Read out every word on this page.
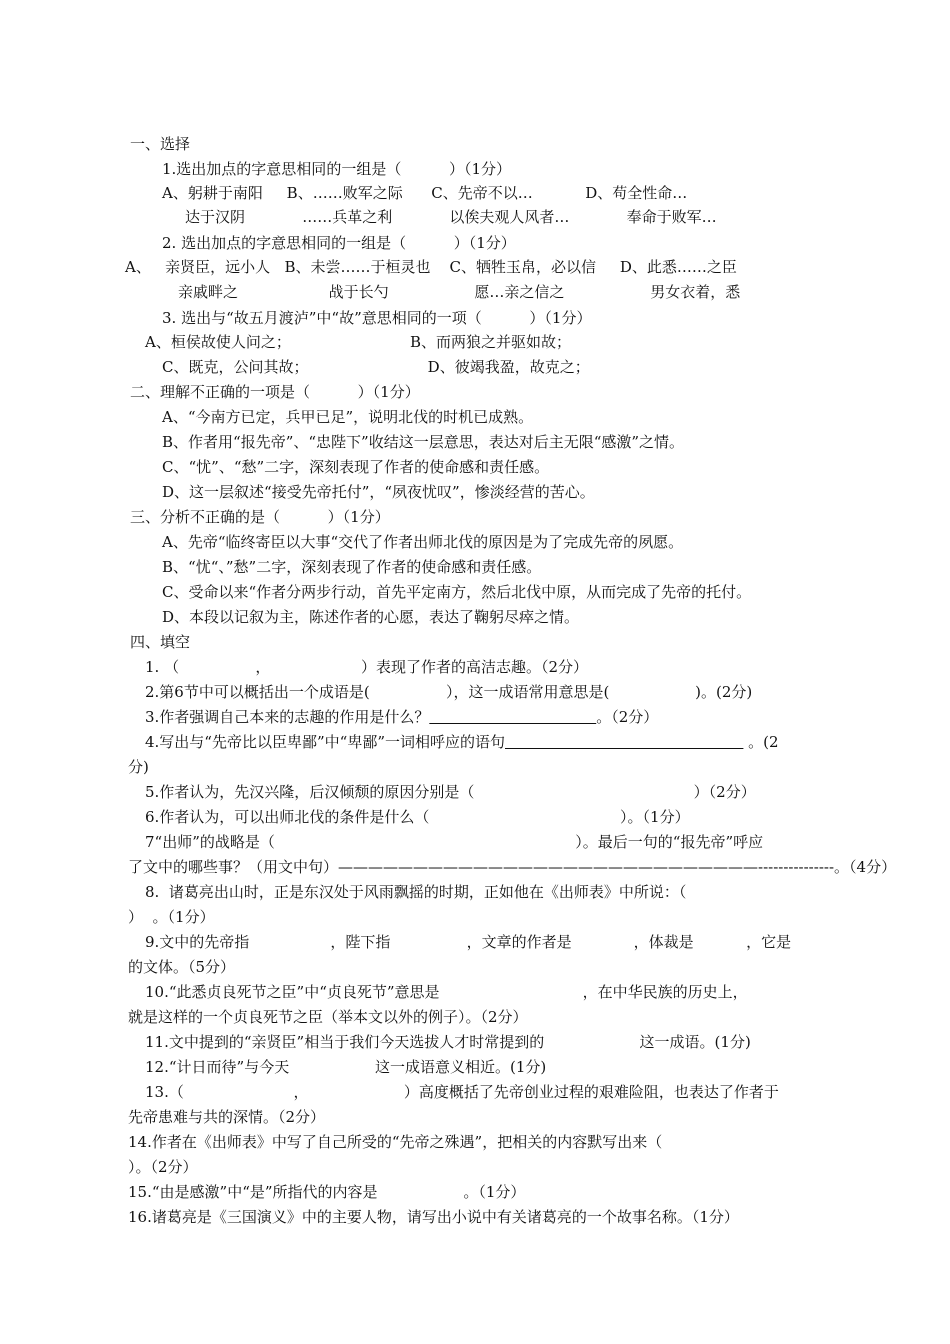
一、选择
1.选出加点的字意思相同的一组是（          ）（1分）
A、躬耕于南阳     B、……败军之际      C、先帝不以…           D、苟全性命…
达于汉阴            ……兵革之利            以俟夫观人风者…            奉命于败军…
2. 选出加点的字意思相同的一组是（          ）（1分）
A、   亲贤臣，远小人   B、未尝……于桓灵也    C、牺牲玉帛，必以信     D、此悉……之臣
亲戚畔之                   战于长勺                  愿…亲之信之                  男女衣着，悉
3. 选出与“故五月渡泸”中“故”意思相同的一项（          ）（1分）
A、桓侯故使人问之；                         B、而两狼之并驱如故；
C、既克，公问其故；                         D、彼竭我盈，故克之；
二、理解不正确的一项是（          ）（1分）
A、“今南方已定，兵甲已足”，说明北伐的时机已成熟。
B、作者用“报先帝”、“忠陛下”收结这一层意思，表达对后主无限“感激”之情。
C、“忧”、“愁”二字，深刻表现了作者的使命感和责任感。
D、这一层叙述“接受先帝托付”，“夙夜忧叹”，惨淡经营的苦心。
三、分析不正确的是（          ）（1分）
A、先帝“临终寄臣以大事“交代了作者出师北伐的原因是为了完成先帝的夙愿。
B、“忧“、”愁”二字，深刻表现了作者的使命感和责任感。
C、受命以来“作者分两步行动，首先平定南方，然后北伐中原，从而完成了先帝的托付。
D、本段以记叙为主，陈述作者的心愿，表达了鞠躬尽瘁之情。
四、填空
1. （                ，                   ）表现了作者的高洁志趣。（2分）
2.第6节中可以概括出一个成语是(                ），这一成语常用意思是(                  )。(2分)
3.作者强调自己本来的志趣的作用是什么？	。（2分）
4.写出与“先帝比以臣卑鄙”中“卑鄙”一词相呼应的语句	。(2
分)
5.作者认为，先汉兴隆，后汉倾颓的原因分别是（                                              ）（2分）
6.作者认为，可以出师北伐的条件是什么（                                        ）。（1分）
7“出师”的战略是（                                                               ）。最后一句的“报先帝”呼应
了文中的哪些事？（用文中句）————————————————————————————---------------。（4分）
8.  诸葛亮出山时，正是东汉处于风雨飘摇的时期，正如他在《出师表》中所说：（
）  。（1分）
9.文中的先帝指                 ，陛下指                ，文章的作者是             ，体裁是           ，它是
的文体。（5分）
10.“此悉贞良死节之臣”中“贞良死节”意思是                              ，在中华民族的历史上，
就是这样的一个贞良死节之臣（举本文以外的例子）。（2分）
11.文中提到的“亲贤臣”相当于我们今天选拔人才时常提到的                    这一成语。(1分)
12.“计日而待”与今天                  这一成语意义相近。(1分)
13.（                       ，                    ）高度概括了先帝创业过程的艰难险阻，也表达了作者于
先帝患难与共的深情。（2分）
14.作者在《出师表》中写了自己所受的“先帝之殊遇”，把相关的内容默写出来（
）。（2分）
15.“由是感激”中“是”所指代的内容是                  。（1分）
16.诸葛亮是《三国演义》中的主要人物，请写出小说中有关诸葛亮的一个故事名称。（1分）
